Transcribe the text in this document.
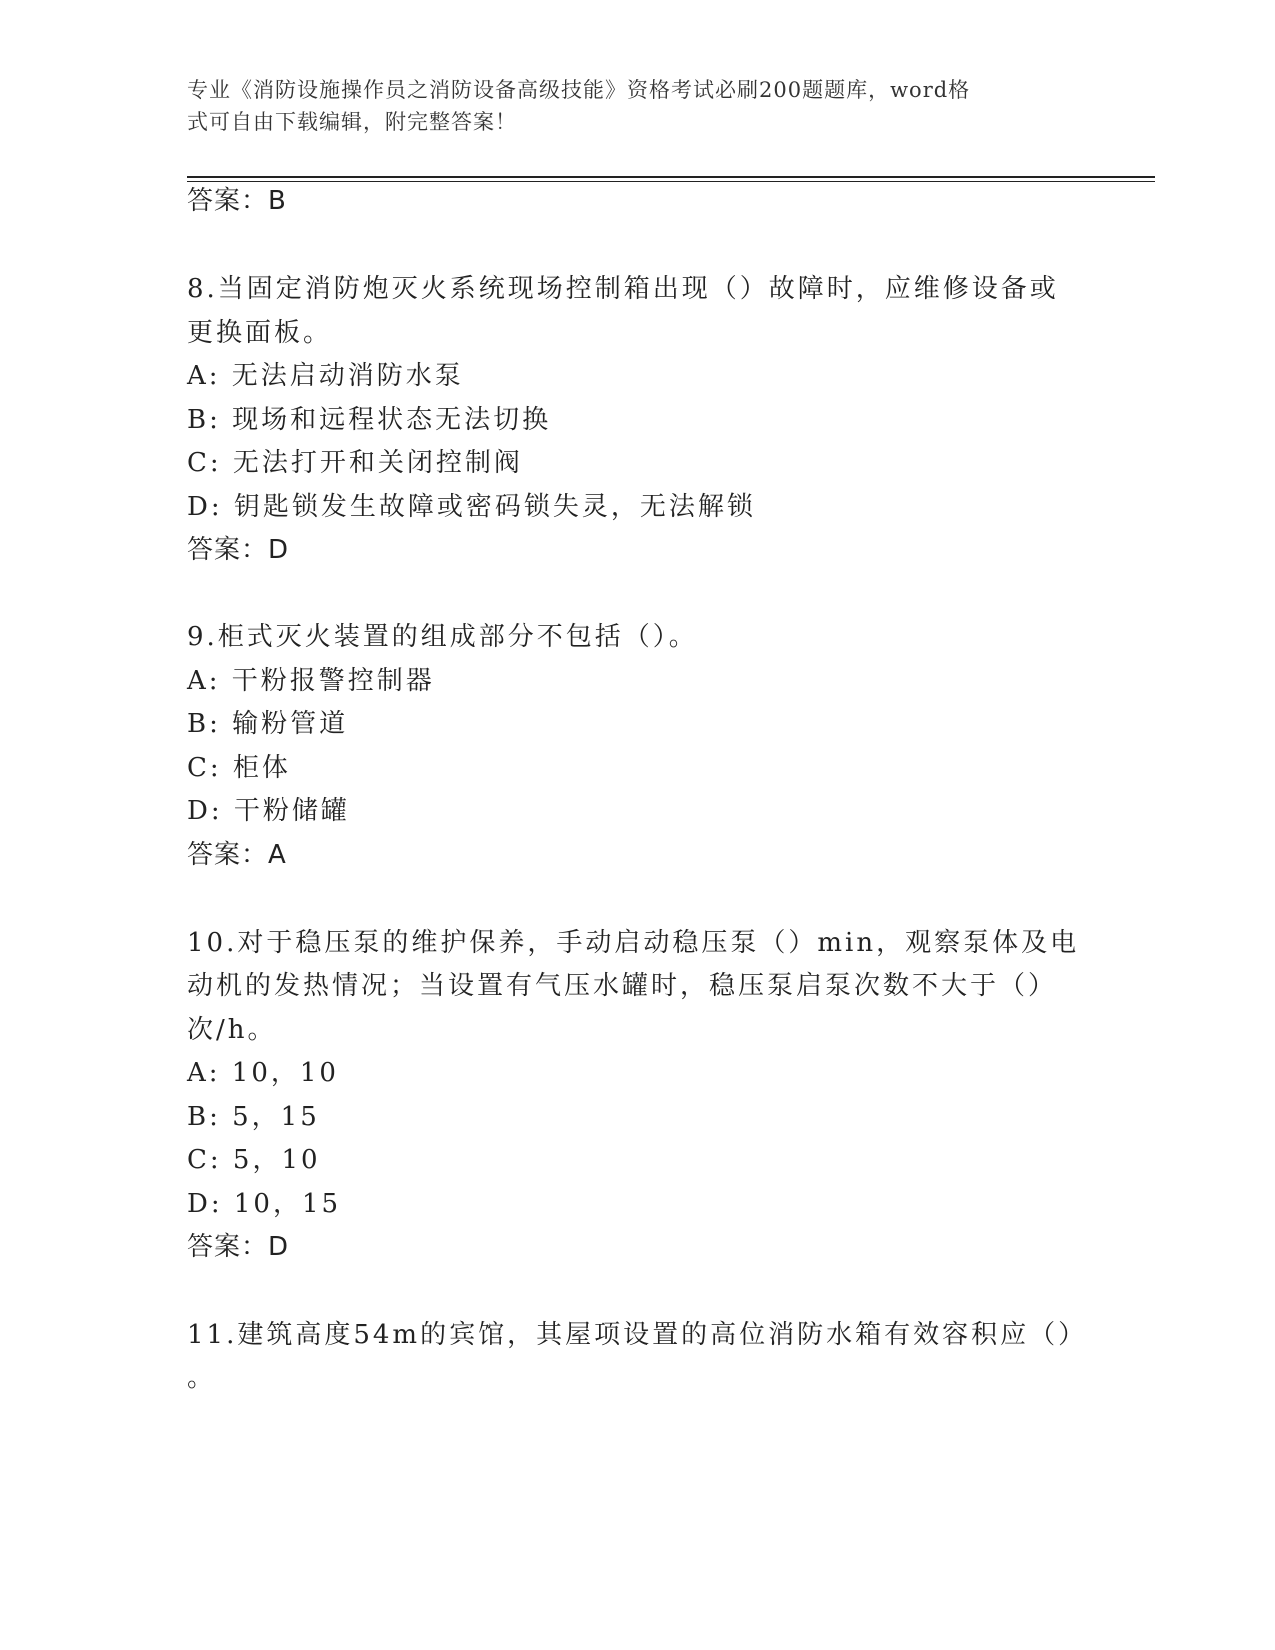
专业《消防设施操作员之消防设备高级技能》资格考试必刷200题题库，word格
式可自由下载编辑，附完整答案！
答案：B
8.当固定消防炮灭火系统现场控制箱出现（）故障时，应维修设备或
更换面板。
A: 无法启动消防水泵
B: 现场和远程状态无法切换
C: 无法打开和关闭控制阀
D: 钥匙锁发生故障或密码锁失灵，无法解锁
答案：D
9.柜式灭火装置的组成部分不包括（）。
A: 干粉报警控制器
B: 输粉管道
C: 柜体
D: 干粉储罐
答案：A
10.对于稳压泵的维护保养，手动启动稳压泵（）min，观察泵体及电
动机的发热情况；当设置有气压水罐时，稳压泵启泵次数不大于（）
次/h。
A: 10，10
B: 5，15
C: 5，10
D: 10，15
答案：D
11.建筑高度54m的宾馆，其屋项设置的高位消防水箱有效容积应（）
。
